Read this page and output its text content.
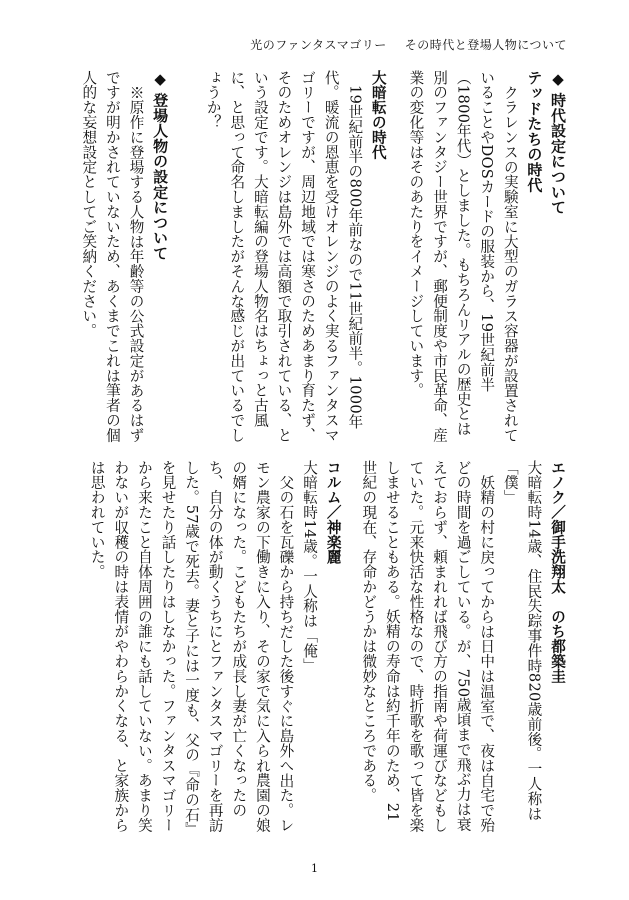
光のファンタスマゴリー その時代と登場人物について
◆ 時代設定について
テッドたちの時代

クラレンスの実験室に大型のガラス容器が設置されていることやDOSカードの服装から、19世紀前半（1800年代）としました。もちろんリアルの歴史とは別のファンタジー世界ですが、郵便制度や市民革命、産業の変化等はそのあたりをイメージしています。

大暗転の時代

19世紀前半の800年前なので11世紀前半。1000年代。暖流の恩恵を受けオレンジのよく実るファンタスマゴリーですが、周辺地域では寒さのためあまり育たず、そのためオレンジは島外では高額で取引されている、という設定です。大暗転編の登場人物名はちょっと古風に、と思って命名しましたがそんな感じが出ているでしょうか？

◆ 登場人物の設定について

※原作に登場する人物は年齢等の公式設定があるはずですが明かされていないため、あくまでこれは筆者の個人的な妄想設定としてご笑納ください。

エノク／御手洗翔太　のち都築圭

大暗転時14歳、住民失踪事件時820歳前後。一人称は「僕」

妖精の村に戻ってからは日中は温室で、夜は自宅で殆どの時間を過ごしている。が、750歳頃まで飛ぶ力は衰えておらず、頼まれれば飛び方の指南や荷運びなどもしていた。元来快活な性格なので、時折歌を歌って皆を楽しませることもある。妖精の寿命は約千年のため、21世紀の現在、存命かどうかは微妙なところである。

コルム／神楽麗

大暗転時14歳。一人称は「俺」

父の石を瓦礫から持ちだした後すぐに島外へ出た。レモン農家の下働きに入り、その家で気に入られ農園の娘の婿になった。こどもたちが成長し妻が亡くなったのち、自分の体が動くうちにとファンタスマゴリーを再訪した。57歳で死去。妻と子には一度も、父の『命の石』を見せたり話したりはしなかった。ファンタスマゴリーから来たこと自体周囲の誰にも話していない。あまり笑わないが収穫の時は表情がやわらかくなる、と家族からは思われていた。

1
